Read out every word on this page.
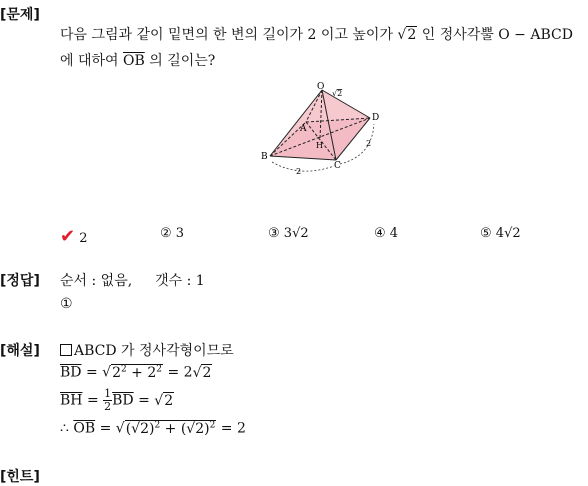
[문제]
다음 그림과 같이 밑면의 한 변의 길이가 2 이고 높이가 √2 인 정사각뿔 O − ABCD
에 대하여 $\overline{OB}$ 의 길이는?
O
A
B
C
D
H
√2
2
2
✔ 2	② 3	③ 3√2	④ 4	⑤ 4√2
[정답] 순서 : 없음, 갯수 : 1
①
[해설]	ABCD 가 정사각형이므로
$\overline{BD} = √2^2 + 2^2 = 2√2$
$\overline{BH} = \frac{1}{2} \overline{BD} = √2$
∴ $\overline{OB} = √(√2)^2 + (√2)^2 = 2$
[힌트]
